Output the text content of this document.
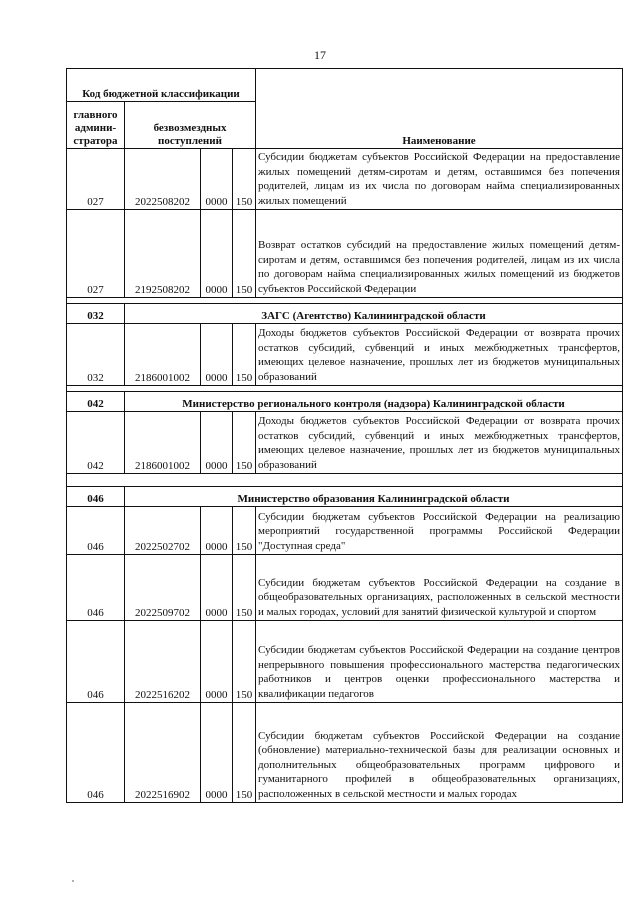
17
Код бюджетной классификации				Наименование
главного админи-стратора	безвозмездных поступлений			
027	2022508202	0000	150	Субсидии бюджетам субъектов Российской Федерации на предоставление жилых помещений детям-сиротам и детям, оставшимся без попечения родителей, лицам из их числа по договорам найма специализированных жилых помещений
027	2192508202	0000	150	Возврат остатков субсидий на предоставление жилых помещений детям-сиротам и детям, оставшимся без попечения родителей, лицам из их числа по договорам найма специализированных жилых помещений из бюджетов субъектов Российской Федерации

032	ЗАГС (Агентство) Калининградской области			
032	2186001002	0000	150	Доходы бюджетов субъектов Российской Федерации от возврата прочих остатков субсидий, субвенций и иных межбюджетных трансфертов, имеющих целевое назначение, прошлых лет из бюджетов муниципальных образований

042	Министерство регионального контроля (надзора) Калининградской области			
042	2186001002	0000	150	Доходы бюджетов субъектов Российской Федерации от возврата прочих остатков субсидий, субвенций и иных межбюджетных трансфертов, имеющих целевое назначение, прошлых лет из бюджетов муниципальных образований

046	Министерство образования Калининградской области			
046	2022502702	0000	150	Субсидии бюджетам субъектов Российской Федерации на реализацию мероприятий государственной программы Российской Федерации "Доступная среда"
046	2022509702	0000	150	Субсидии бюджетам субъектов Российской Федерации на создание в общеобразовательных организациях, расположенных в сельской местности и малых городах, условий для занятий физической культурой и спортом
046	2022516202	0000	150	Субсидии бюджетам субъектов Российской Федерации на создание центров непрерывного повышения профессионального мастерства педагогических работников и центров оценки профессионального мастерства и квалификации педагогов
046	2022516902	0000	150	Субсидии бюджетам субъектов Российской Федерации на создание (обновление) материально-технической базы для реализации основных и дополнительных общеобразовательных программ цифрового и гуманитарного профилей в общеобразовательных организациях, расположенных в сельской местности и малых городах
